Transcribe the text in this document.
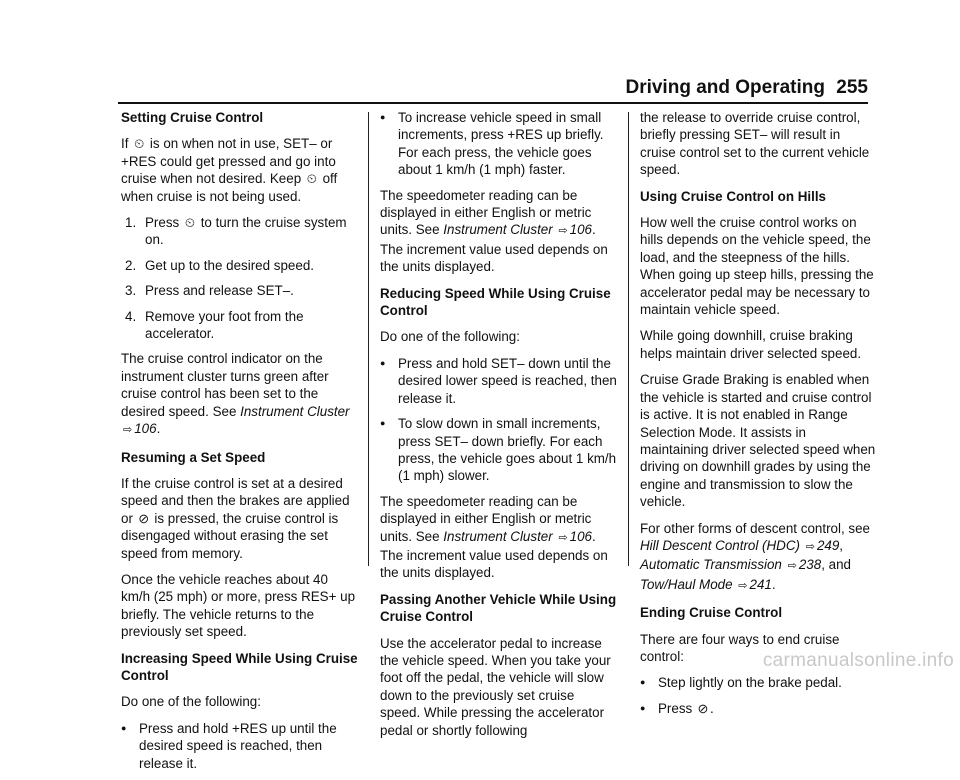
Driving and Operating 255

Setting Cruise Control

If ⏲ is on when not in use, SET– or +RES could get pressed and go into cruise when not desired. Keep ⏲ off when cruise is not being used.

1. Press ⏲ to turn the cruise system on.
2. Get up to the desired speed.
3. Press and release SET–.
4. Remove your foot from the accelerator.

The cruise control indicator on the instrument cluster turns green after cruise control has been set to the desired speed. See Instrument Cluster ⇨ 106.

Resuming a Set Speed

If the cruise control is set at a desired speed and then the brakes are applied or ⊘ is pressed, the cruise control is disengaged without erasing the set speed from memory.

Once the vehicle reaches about 40 km/h (25 mph) or more, press RES+ up briefly. The vehicle returns to the previously set speed.

Increasing Speed While Using Cruise Control

Do one of the following:

● Press and hold +RES up until the desired speed is reached, then release it.
● To increase vehicle speed in small increments, press +RES up briefly. For each press, the vehicle goes about 1 km/h (1 mph) faster.

The speedometer reading can be displayed in either English or metric units. See Instrument Cluster ⇨ 106. The increment value used depends on the units displayed.

Reducing Speed While Using Cruise Control

Do one of the following:

● Press and hold SET– down until the desired lower speed is reached, then release it.
● To slow down in small increments, press SET– down briefly. For each press, the vehicle goes about 1 km/h (1 mph) slower.

The speedometer reading can be displayed in either English or metric units. See Instrument Cluster ⇨ 106. The increment value used depends on the units displayed.

Passing Another Vehicle While Using Cruise Control

Use the accelerator pedal to increase the vehicle speed. When you take your foot off the pedal, the vehicle will slow down to the previously set cruise speed. While pressing the accelerator pedal or shortly following

the release to override cruise control, briefly pressing SET– will result in cruise control set to the current vehicle speed.

Using Cruise Control on Hills

How well the cruise control works on hills depends on the vehicle speed, the load, and the steepness of the hills. When going up steep hills, pressing the accelerator pedal may be necessary to maintain vehicle speed.

While going downhill, cruise braking helps maintain driver selected speed.

Cruise Grade Braking is enabled when the vehicle is started and cruise control is active. It is not enabled in Range Selection Mode. It assists in maintaining driver selected speed when driving on downhill grades by using the engine and transmission to slow the vehicle.

For other forms of descent control, see Hill Descent Control (HDC) ⇨ 249, Automatic Transmission ⇨ 238, and Tow/Haul Mode ⇨ 241.

Ending Cruise Control

There are four ways to end cruise control:

● Step lightly on the brake pedal.
● Press ⊘ .
carmanualsonline.info
